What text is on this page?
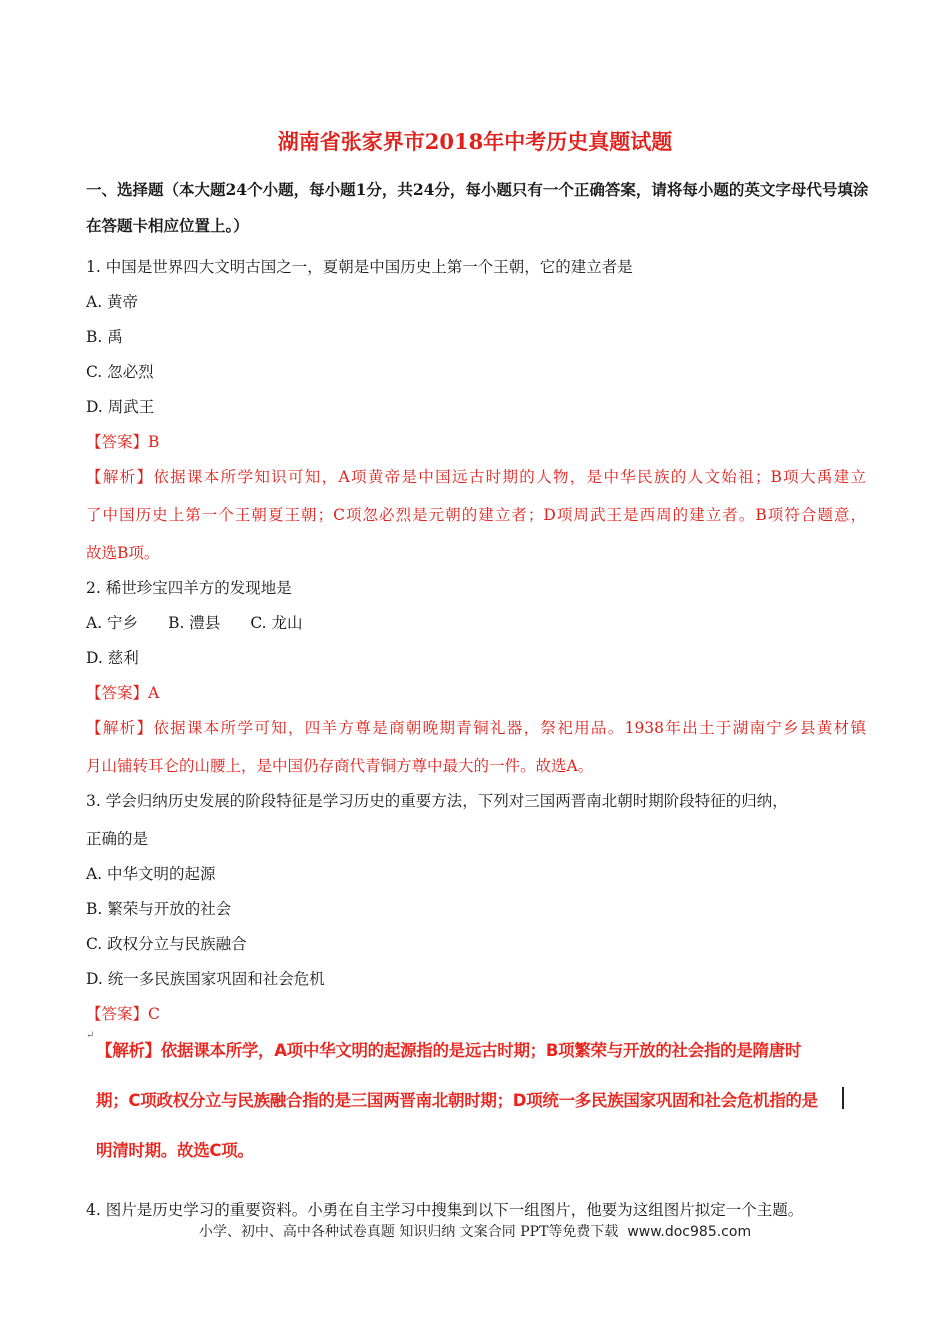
湖南省张家界市2018年中考历史真题试题
一、选择题（本大题24个小题，每小题1分，共24分，每小题只有一个正确答案，请将每小题的英文字母代号填涂在答题卡相应位置上。）
1. 中国是世界四大文明古国之一，夏朝是中国历史上第一个王朝，它的建立者是
A. 黄帝
B. 禹
C. 忽必烈
D. 周武王
【答案】B
【解析】依据课本所学知识可知，A项黄帝是中国远古时期的人物，是中华民族的人文始祖；B项大禹建立
了中国历史上第一个王朝夏王朝；C项忽必烈是元朝的建立者；D项周武王是西周的建立者。B项符合题意，
故选B项。
2. 稀世珍宝四羊方的发现地是
A. 宁乡 B. 澧县 C. 龙山
D. 慈利
【答案】A
【解析】依据课本所学可知，四羊方尊是商朝晚期青铜礼器，祭祀用品。1938年出土于湖南宁乡县黄材镇
月山铺转耳仑的山腰上，是中国仍存商代青铜方尊中最大的一件。故选A。
3. 学会归纳历史发展的阶段特征是学习历史的重要方法，下列对三国两晋南北朝时期阶段特征的归纳，
正确的是
A. 中华文明的起源
B. 繁荣与开放的社会
C. 政权分立与民族融合
D. 统一多民族国家巩固和社会危机
【答案】C
↵
【解析】依据课本所学，A项中华文明的起源指的是远古时期；B项繁荣与开放的社会指的是隋唐时
期；C项政权分立与民族融合指的是三国两晋南北朝时期；D项统一多民族国家巩固和社会危机指的是
明清时期。故选C项。
4. 图片是历史学习的重要资料。小勇在自主学习中搜集到以下一组图片，他要为这组图片拟定一个主题。
小学、初中、高中各种试卷真题 知识归纳 文案合同 PPT等免费下载 www.doc985.com
